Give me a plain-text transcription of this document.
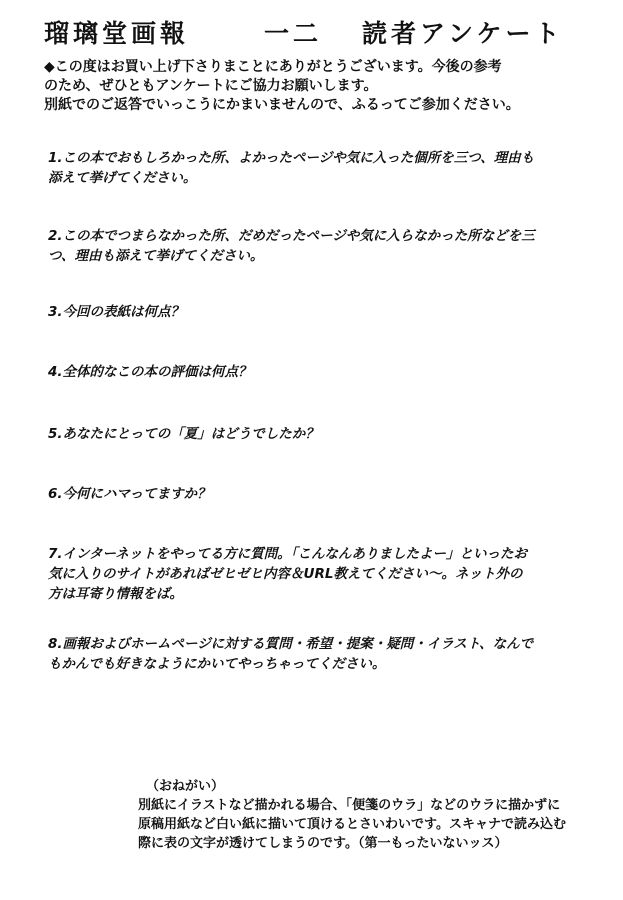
瑠璃堂画報	一二 読者アンケート
◆この度はお買い上げ下さりまことにありがとうございます。今後の参考
のため、ぜひともアンケートにご協力お願いします。
別紙でのご返答でいっこうにかまいませんので、ふるってご参加ください。
1.この本でおもしろかった所、よかったページや気に入った個所を三つ、理由も
添えて挙げてください。
2.この本でつまらなかった所、だめだったページや気に入らなかった所などを三
つ、理由も添えて挙げてください。
3.今回の表紙は何点？
4.全体的なこの本の評価は何点？
5.あなたにとっての「夏」はどうでしたか？
6.今何にハマってますか？
7.インターネットをやってる方に質問。「こんなんありましたよー」といったお
気に入りのサイトがあればゼヒゼヒ内容＆URL教えてください～。ネット外の
方は耳寄り情報をば。
8.画報およびホームページに対する質問・希望・提案・疑問・イラスト、なんで
もかんでも好きなようにかいてやっちゃってください。
（おねがい）
別紙にイラストなど描かれる場合、「便箋のウラ」などのウラに描かずに
原稿用紙など白い紙に描いて頂けるとさいわいです。スキャナで読み込む
際に表の文字が透けてしまうのです。（第一もったいないッス）
